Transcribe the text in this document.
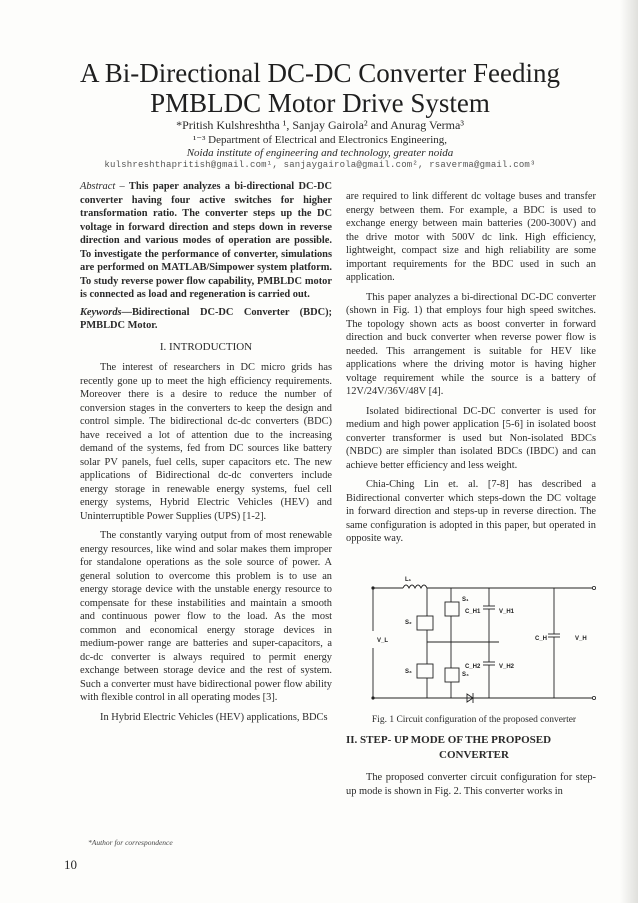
A Bi-Directional DC-DC Converter Feeding
PMBLDC Motor Drive System
*Pritish Kulshreshtha ¹, Sanjay Gairola² and Anurag Verma³
¹⁻³ Department of Electrical and Electronics Engineering,
Noida institute of engineering and technology, greater noida
kulshreshthapritish@gmail.com¹, sanjaygairola@gmail.com², rsaverma@gmail.com³

Abstract – This paper analyzes a bi-directional DC-DC converter having four active switches for higher transformation ratio. The converter steps up the DC voltage in forward direction and steps down in reverse direction and various modes of operation are possible. To investigate the performance of converter, simulations are performed on MATLAB/Simpower system platform. To study reverse power flow capability, PMBLDC motor is connected as load and regeneration is carried out.

Keywords—Bidirectional DC-DC Converter (BDC); PMBLDC Motor.

I. INTRODUCTION

The interest of researchers in DC micro grids has recently gone up to meet the high efficiency requirements. Moreover there is a desire to reduce the number of conversion stages in the converters to keep the design and control simple. The bidirectional dc-dc converters (BDC) have received a lot of attention due to the increasing demand of the systems, fed from DC sources like battery solar PV panels, fuel cells, super capacitors etc. The new applications of Bidirectional dc-dc converters include energy storage in renewable energy systems, fuel cell energy systems, Hybrid Electric Vehicles (HEV) and Uninterruptible Power Supplies (UPS) [1-2].

The constantly varying output from of most renewable energy resources, like wind and solar makes them improper for standalone operations as the sole source of power. A general solution to overcome this problem is to use an energy storage device with the unstable energy resource to compensate for these instabilities and maintain a smooth and continuous power flow to the load. As the most common and economical energy storage devices in medium-power range are batteries and super-capacitors, a dc-dc converter is always required to permit energy exchange between storage device and the rest of system. Such a converter must have bidirectional power flow ability with flexible control in all operating modes [3].

In Hybrid Electric Vehicles (HEV) applications, BDCs

are required to link different dc voltage buses and transfer energy between them. For example, a BDC is used to exchange energy between main batteries (200-300V) and the drive motor with 500V dc link. High efficiency, lightweight, compact size and high reliability are some important requirements for the BDC used in such an application.

This paper analyzes a bi-directional DC-DC converter (shown in Fig. 1) that employs four high speed switches. The topology shown acts as boost converter in forward direction and buck converter when reverse power flow is needed. This arrangement is suitable for HEV like applications where the driving motor is having higher voltage requirement while the source is a battery of 12V/24V/36V/48V [4].

Isolated bidirectional DC-DC converter is used for medium and high power application [5-6] in isolated boost converter transformer is used but Non-isolated BDCs (NBDC) are simpler than isolated BDCs (IBDC) and can achieve better efficiency and less weight.

Chia-Ching Lin et. al. [7-8] has described a Bidirectional converter which steps-down the DC voltage in forward direction and steps-up in reverse direction. The same configuration is adopted in this paper, but operated in opposite way.

L₁
S₁
S₂
S₃	S₄
C_H1	V_H1
C_H2	V_H2
V_L	C_H	V_H
Fig. 1 Circuit configuration of the proposed converter
II. STEP- UP MODE OF THE PROPOSED
CONVERTER
The proposed converter circuit configuration for step-up mode is shown in Fig. 2. This converter works in
*Author for correspondence
10
